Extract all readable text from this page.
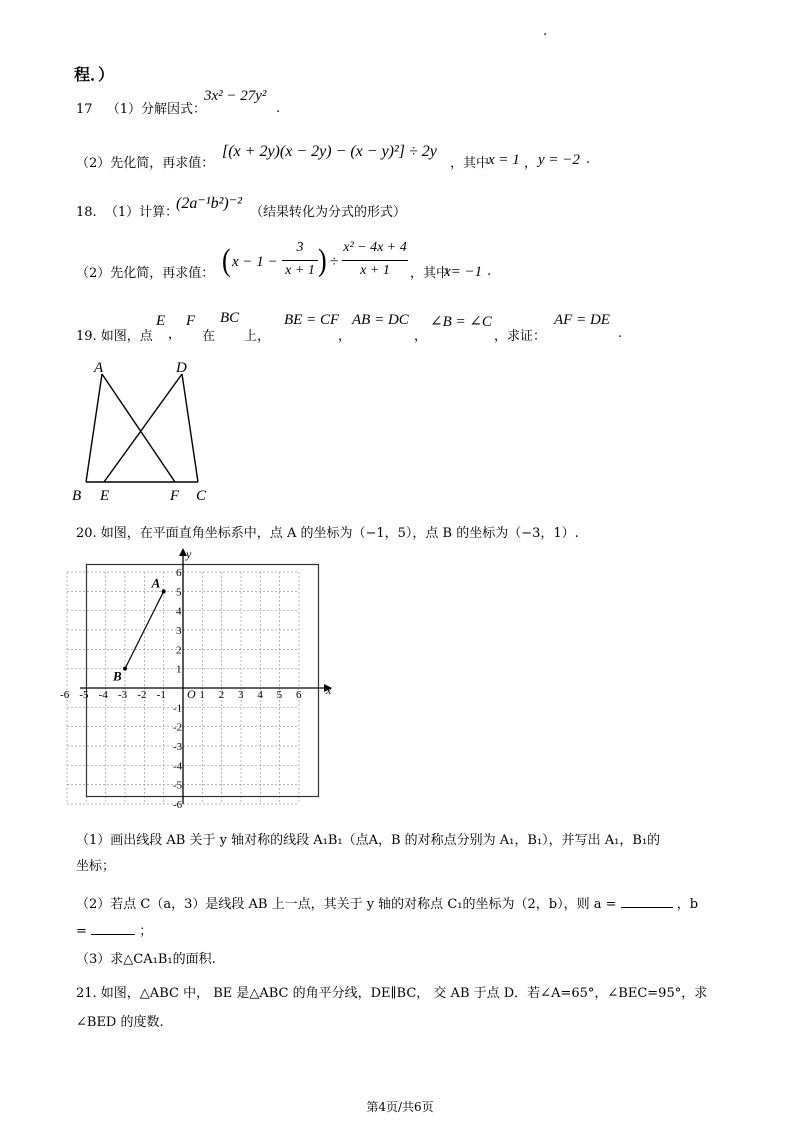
.
程．）
17 （1）分解因式：
3x² − 27y²
.
（2）先化简，再求值：
[(x + 2y)(x − 2y) − (x − y)²] ÷ 2y
，其中
x = 1 ， y = −2 .
18. （1）计算：
(2a⁻¹b²)⁻²
（结果转化为分式的形式）
（2）先化简，再求值： ( x − 1 −
3
x + 1 ) ÷
x² − 4x + 4
x + 1	，其中
x= −1 .
19. 如图，点
E
，
F
在
BC
上，
BE = CF
，
AB = DC
，
∠B = ∠C
，求证：
AF = DE
.
A	D
B E	F C
20. 如图，在平面直角坐标系中，点 A 的坐标为（−1，5），点 B 的坐标为（−3，1）.
-6 -5 -4 -3 -2 -1	1 2 3 4 5 6
6
5
4
3
2
1
-1
-2
-3
-4
-5
-6
O	x
y
A
B
（1）画出线段 AB 关于 y 轴对称的线段 A₁B₁（点A，B 的对称点分别为 A₁，B₁），并写出 A₁，B₁的
坐标；
（2）若点 C（a，3）是线段 AB 上一点，其关于 y 轴的对称点 C₁的坐标为（2，b），则 a =	，b
=	；
（3）求△CA₁B₁的面积.
21. 如图，△ABC 中， BE 是△ABC 的角平分线，DE∥BC， 交 AB 于点 D．若∠A=65°，∠BEC=95°，求
∠BED 的度数.
第4页/共6页
